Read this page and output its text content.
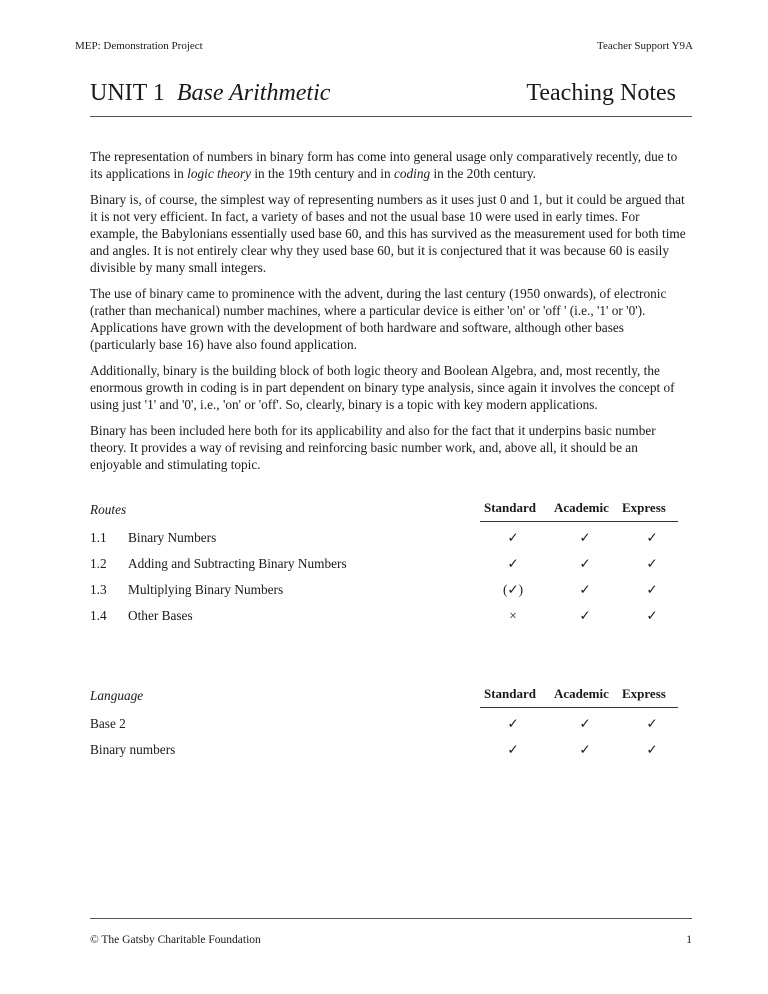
MEP: Demonstration Project	Teacher Support Y9A
UNIT 1 Base Arithmetic	Teaching Notes

The representation of numbers in binary form has come into general usage only comparatively recently, due to its applications in logic theory in the 19th century and in coding in the 20th century.

Binary is, of course, the simplest way of representing numbers as it uses just 0 and 1, but it could be argued that it is not very efficient. In fact, a variety of bases and not the usual base 10 were used in early times. For example, the Babylonians essentially used base 60, and this has survived as the measurement used for both time and angles. It is not entirely clear why they used base 60, but it is conjectured that it was because 60 is easily divisible by many small integers.

The use of binary came to prominence with the advent, during the last century (1950 onwards), of electronic (rather than mechanical) number machines, where a particular device is either 'on' or 'off ' (i.e., '1' or '0'). Applications have grown with the development of both hardware and software, although other bases (particularly base 16) have also found application.

Additionally, binary is the building block of both logic theory and Boolean Algebra, and, most recently, the enormous growth in coding is in part dependent on binary type analysis, since again it involves the concept of using just '1' and '0', i.e., 'on' or 'off'. So, clearly, binary is a topic with key modern applications.

Binary has been included here both for its applicability and also for the fact that it underpins basic number theory. It provides a way of revising and reinforcing basic number work, and, above all, it should be an enjoyable and stimulating topic.

Routes	Standard Academic Express
1.1 Binary Numbers	✓	✓	✓
1.2 Adding and Subtracting Binary Numbers	✓	✓	✓
1.3 Multiplying Binary Numbers	(✓)	✓	✓
1.4 Other Bases	×	✓	✓
Language	Standard Academic Express
Base 2	✓	✓	✓
Binary numbers	✓	✓	✓
© The Gatsby Charitable Foundation	1
